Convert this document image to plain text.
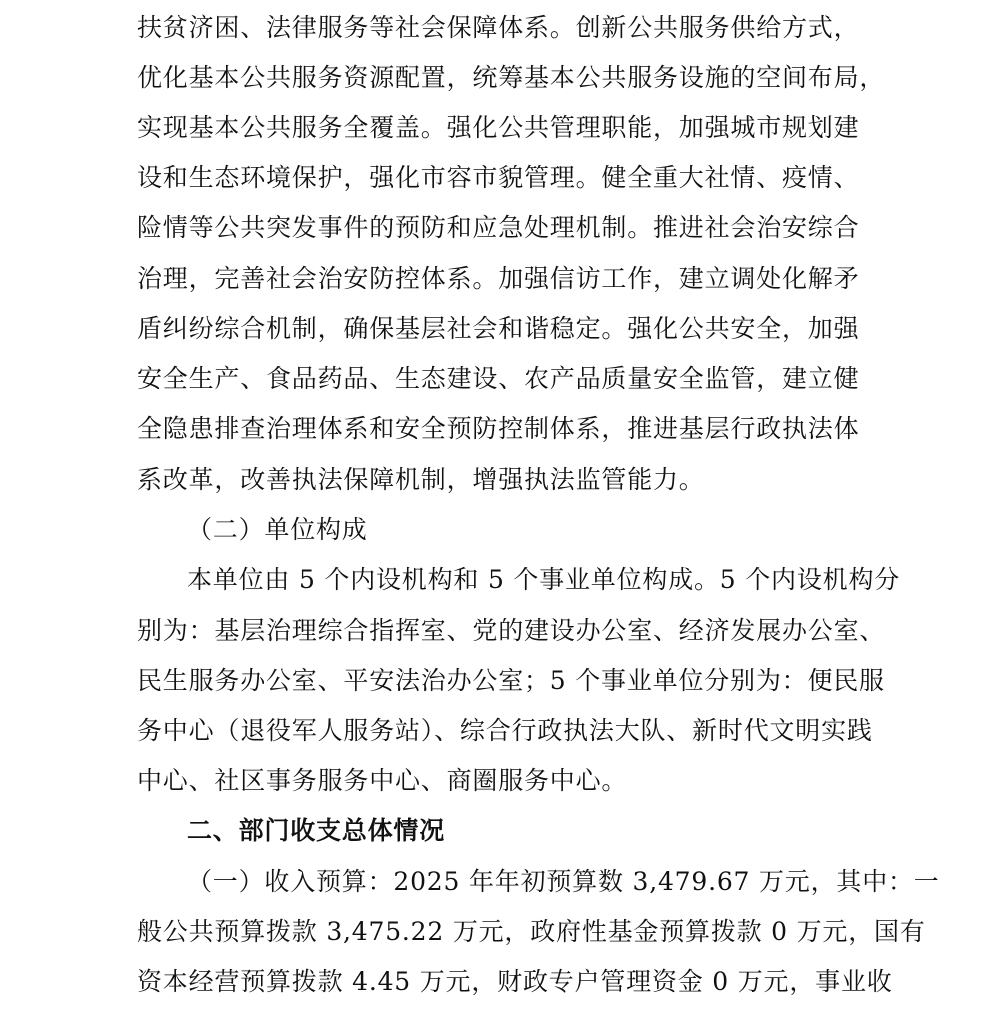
扶贫济困、法律服务等社会保障体系。创新公共服务供给方式，
优化基本公共服务资源配置，统筹基本公共服务设施的空间布局，
实现基本公共服务全覆盖。强化公共管理职能，加强城市规划建
设和生态环境保护，强化市容市貌管理。健全重大社情、疫情、
险情等公共突发事件的预防和应急处理机制。推进社会治安综合
治理，完善社会治安防控体系。加强信访工作，建立调处化解矛
盾纠纷综合机制，确保基层社会和谐稳定。强化公共安全，加强
安全生产、食品药品、生态建设、农产品质量安全监管，建立健
全隐患排查治理体系和安全预防控制体系，推进基层行政执法体
系改革，改善执法保障机制，增强执法监管能力。
（二）单位构成
本单位由 5 个内设机构和 5 个事业单位构成。5 个内设机构分
别为：基层治理综合指挥室、党的建设办公室、经济发展办公室、
民生服务办公室、平安法治办公室；5 个事业单位分别为：便民服
务中心（退役军人服务站）、综合行政执法大队、新时代文明实践
中心、社区事务服务中心、商圈服务中心。
二、部门收支总体情况
（一）收入预算：2025 年年初预算数 3,479.67 万元，其中：一
般公共预算拨款 3,475.22 万元，政府性基金预算拨款 0 万元，国有
资本经营预算拨款 4.45 万元，财政专户管理资金 0 万元，事业收
